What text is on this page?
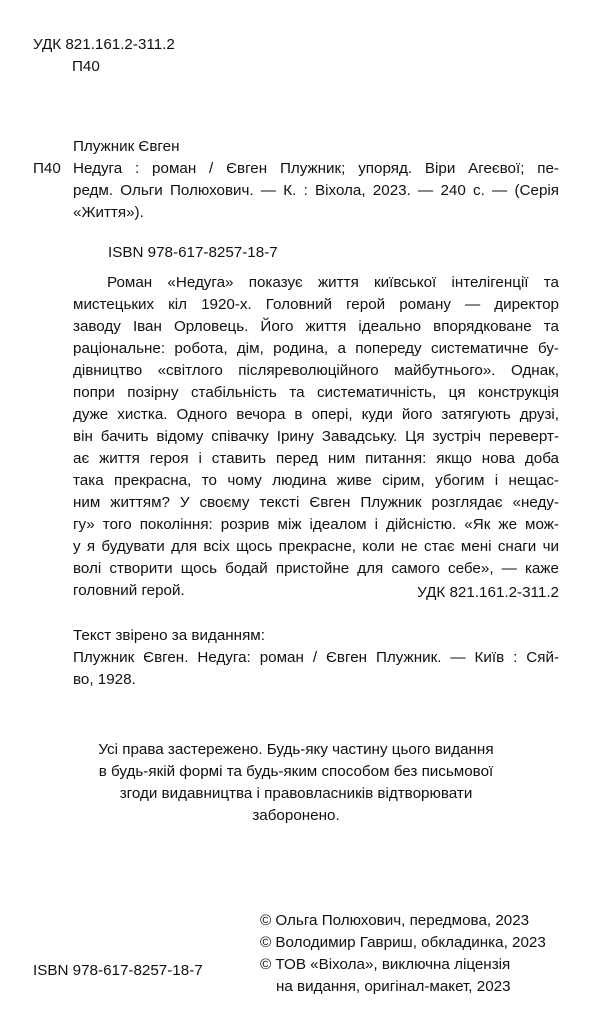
УДК 821.161.2-311.2
П40
Плужник Євген
П40 Недуга : роман / Євген Плужник; упоряд. Віри Агеєвої; пе-
редм. Ольги Полюхович. — К. : Віхола, 2023. — 240 с. — (Серія
«Життя»).
ISBN 978-617-8257-18-7
Роман «Недуга» показує життя київської інтелігенції та
мистецьких кіл 1920-х. Головний герой роману — директор
заводу Іван Орловець. Його життя ідеально впорядковане та
раціональне: робота, дім, родина, а попереду систематичне бу-
дівництво «світлого післяреволюційного майбутнього». Однак,
попри позірну стабільність та систематичність, ця конструкція
дуже хистка. Одного вечора в опері, куди його затягують друзі,
він бачить відому співачку Ірину Завадську. Ця зустріч переверт-
ає життя героя і ставить перед ним питання: якщо нова доба
така прекрасна, то чому людина живе сірим, убогим і нещас-
ним життям? У своєму тексті Євген Плужник розглядає «неду-
гу» того покоління: розрив між ідеалом і дійсністю. «Як же мож-
у я будувати для всіх щось прекрасне, коли не стає мені снаги чи
волі створити щось бодай пристойне для самого себе», — каже
головний герой.	УДК 821.161.2-311.2
Текст звірено за виданням:
Плужник Євген. Недуга: роман / Євген Плужник. — Київ : Сяй-
во, 1928.
Усі права застережено. Будь-яку частину цього видання
в будь-якій формі та будь-яким способом без письмової
згоди видавництва і правовласників відтворювати
заборонено.
© Ольга Полюхович, передмова, 2023
© Володимир Гавриш, обкладинка, 2023
© ТОВ «Віхола», виключна ліцензія
на видання, оригінал-макет, 2023
ISBN 978-617-8257-18-7
